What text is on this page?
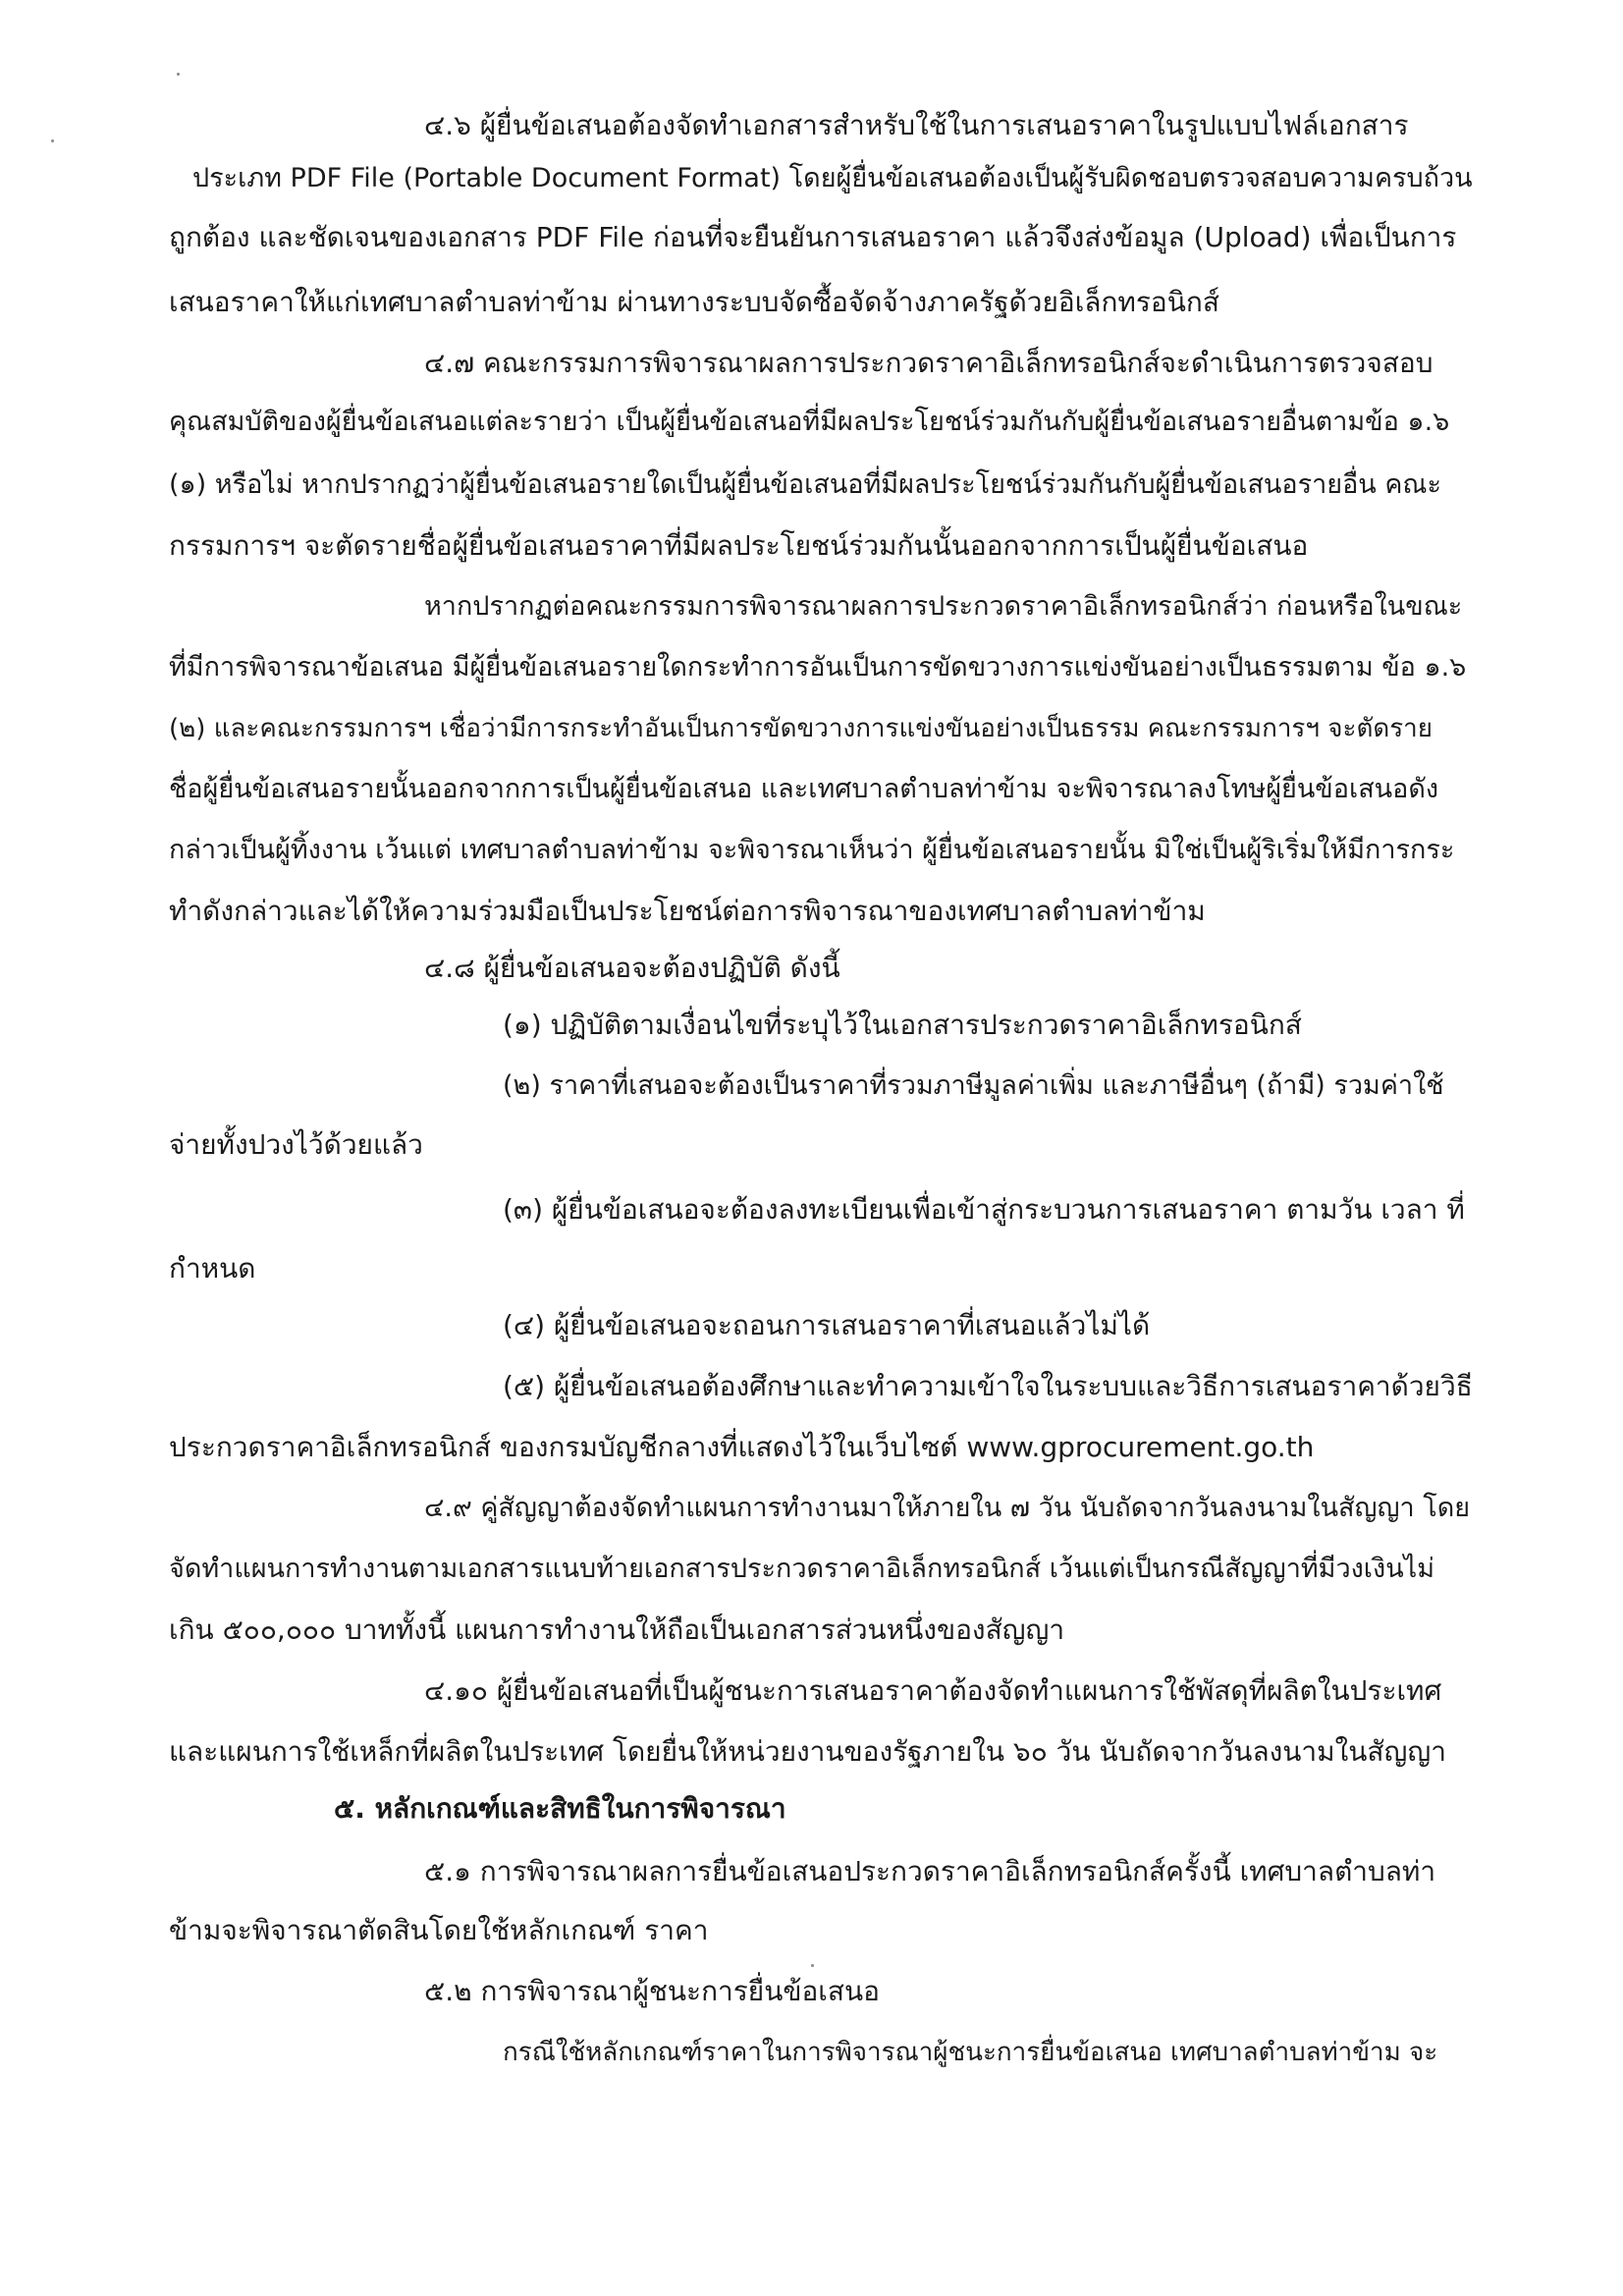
๔.๖ ผู้ยื่นข้อเสนอต้องจัดทำเอกสารสำหรับใช้ในการเสนอราคาในรูปแบบไฟล์เอกสาร
ประเภท PDF File (Portable Document Format) โดยผู้ยื่นข้อเสนอต้องเป็นผู้รับผิดชอบตรวจสอบความครบถ้วน
ถูกต้อง และชัดเจนของเอกสาร PDF File ก่อนที่จะยืนยันการเสนอราคา แล้วจึงส่งข้อมูล (Upload) เพื่อเป็นการ
เสนอราคาให้แก่เทศบาลตำบลท่าข้าม ผ่านทางระบบจัดซื้อจัดจ้างภาครัฐด้วยอิเล็กทรอนิกส์
๔.๗ คณะกรรมการพิจารณาผลการประกวดราคาอิเล็กทรอนิกส์จะดำเนินการตรวจสอบ
คุณสมบัติของผู้ยื่นข้อเสนอแต่ละรายว่า เป็นผู้ยื่นข้อเสนอที่มีผลประโยชน์ร่วมกันกับผู้ยื่นข้อเสนอรายอื่นตามข้อ ๑.๖
(๑) หรือไม่ หากปรากฏว่าผู้ยื่นข้อเสนอรายใดเป็นผู้ยื่นข้อเสนอที่มีผลประโยชน์ร่วมกันกับผู้ยื่นข้อเสนอรายอื่น คณะ
กรรมการฯ จะตัดรายชื่อผู้ยื่นข้อเสนอราคาที่มีผลประโยชน์ร่วมกันนั้นออกจากการเป็นผู้ยื่นข้อเสนอ
หากปรากฏต่อคณะกรรมการพิจารณาผลการประกวดราคาอิเล็กทรอนิกส์ว่า ก่อนหรือในขณะ
ที่มีการพิจารณาข้อเสนอ มีผู้ยื่นข้อเสนอรายใดกระทำการอันเป็นการขัดขวางการแข่งขันอย่างเป็นธรรมตาม ข้อ ๑.๖
(๒) และคณะกรรมการฯ เชื่อว่ามีการกระทำอันเป็นการขัดขวางการแข่งขันอย่างเป็นธรรม คณะกรรมการฯ จะตัดราย
ชื่อผู้ยื่นข้อเสนอรายนั้นออกจากการเป็นผู้ยื่นข้อเสนอ และเทศบาลตำบลท่าข้าม จะพิจารณาลงโทษผู้ยื่นข้อเสนอดัง
กล่าวเป็นผู้ทิ้งงาน เว้นแต่ เทศบาลตำบลท่าข้าม จะพิจารณาเห็นว่า ผู้ยื่นข้อเสนอรายนั้น มิใช่เป็นผู้ริเริ่มให้มีการกระ
ทำดังกล่าวและได้ให้ความร่วมมือเป็นประโยชน์ต่อการพิจารณาของเทศบาลตำบลท่าข้าม
๔.๘ ผู้ยื่นข้อเสนอจะต้องปฏิบัติ ดังนี้
(๑) ปฏิบัติตามเงื่อนไขที่ระบุไว้ในเอกสารประกวดราคาอิเล็กทรอนิกส์
(๒) ราคาที่เสนอจะต้องเป็นราคาที่รวมภาษีมูลค่าเพิ่ม และภาษีอื่นๆ (ถ้ามี) รวมค่าใช้
จ่ายทั้งปวงไว้ด้วยแล้ว
(๓) ผู้ยื่นข้อเสนอจะต้องลงทะเบียนเพื่อเข้าสู่กระบวนการเสนอราคา ตามวัน เวลา ที่
กำหนด
(๔) ผู้ยื่นข้อเสนอจะถอนการเสนอราคาที่เสนอแล้วไม่ได้
(๕) ผู้ยื่นข้อเสนอต้องศึกษาและทำความเข้าใจในระบบและวิธีการเสนอราคาด้วยวิธี
ประกวดราคาอิเล็กทรอนิกส์ ของกรมบัญชีกลางที่แสดงไว้ในเว็บไซต์ www.gprocurement.go.th
๔.๙ คู่สัญญาต้องจัดทำแผนการทำงานมาให้ภายใน ๗ วัน นับถัดจากวันลงนามในสัญญา โดย
จัดทำแผนการทำงานตามเอกสารแนบท้ายเอกสารประกวดราคาอิเล็กทรอนิกส์ เว้นแต่เป็นกรณีสัญญาที่มีวงเงินไม่
เกิน ๕๐๐,๐๐๐ บาททั้งนี้ แผนการทำงานให้ถือเป็นเอกสารส่วนหนึ่งของสัญญา
๔.๑๐ ผู้ยื่นข้อเสนอที่เป็นผู้ชนะการเสนอราคาต้องจัดทำแผนการใช้พัสดุที่ผลิตในประเทศ
และแผนการใช้เหล็กที่ผลิตในประเทศ โดยยื่นให้หน่วยงานของรัฐภายใน ๖๐ วัน นับถัดจากวันลงนามในสัญญา
๕. หลักเกณฑ์และสิทธิในการพิจารณา
๕.๑ การพิจารณาผลการยื่นข้อเสนอประกวดราคาอิเล็กทรอนิกส์ครั้งนี้ เทศบาลตำบลท่า
ข้ามจะพิจารณาตัดสินโดยใช้หลักเกณฑ์ ราคา
๕.๒ การพิจารณาผู้ชนะการยื่นข้อเสนอ
กรณีใช้หลักเกณฑ์ราคาในการพิจารณาผู้ชนะการยื่นข้อเสนอ เทศบาลตำบลท่าข้าม จะ
